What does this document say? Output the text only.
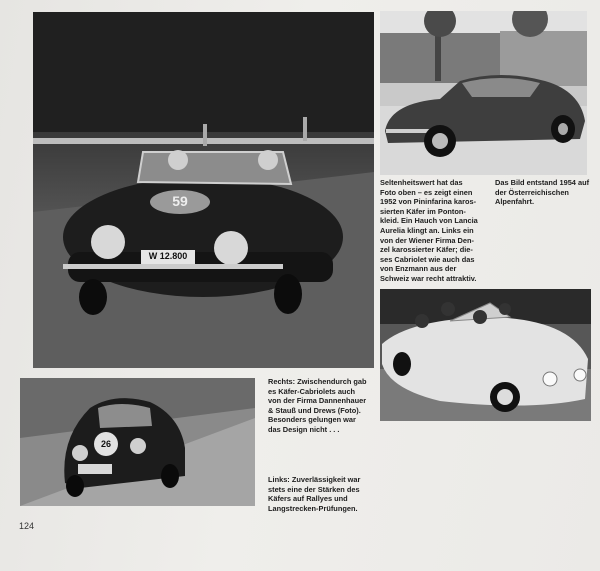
59
W 12.800
Seltenheitswert hat das
Foto oben – es zeigt einen
1952 von Pininfarina karos-
sierten Käfer im Ponton-
kleid. Ein Hauch von Lancia
Aurelia klingt an. Links ein
von der Wiener Firma Den-
zel karossierter Käfer; die-
ses Cabriolet wie auch das
von Enzmann aus der
Schweiz war recht attraktiv.
Das Bild entstand 1954 auf
der Österreichischen
Alpenfahrt.
26
Rechts: Zwischendurch gab
es Käfer-Cabriolets auch
von der Firma Dannenhauer
& Stauß und Drews (Foto).
Besonders gelungen war
das Design nicht . . .
Links: Zuverlässigkeit war
stets eine der Stärken des
Käfers auf Rallyes und
Langstrecken-Prüfungen.
124
